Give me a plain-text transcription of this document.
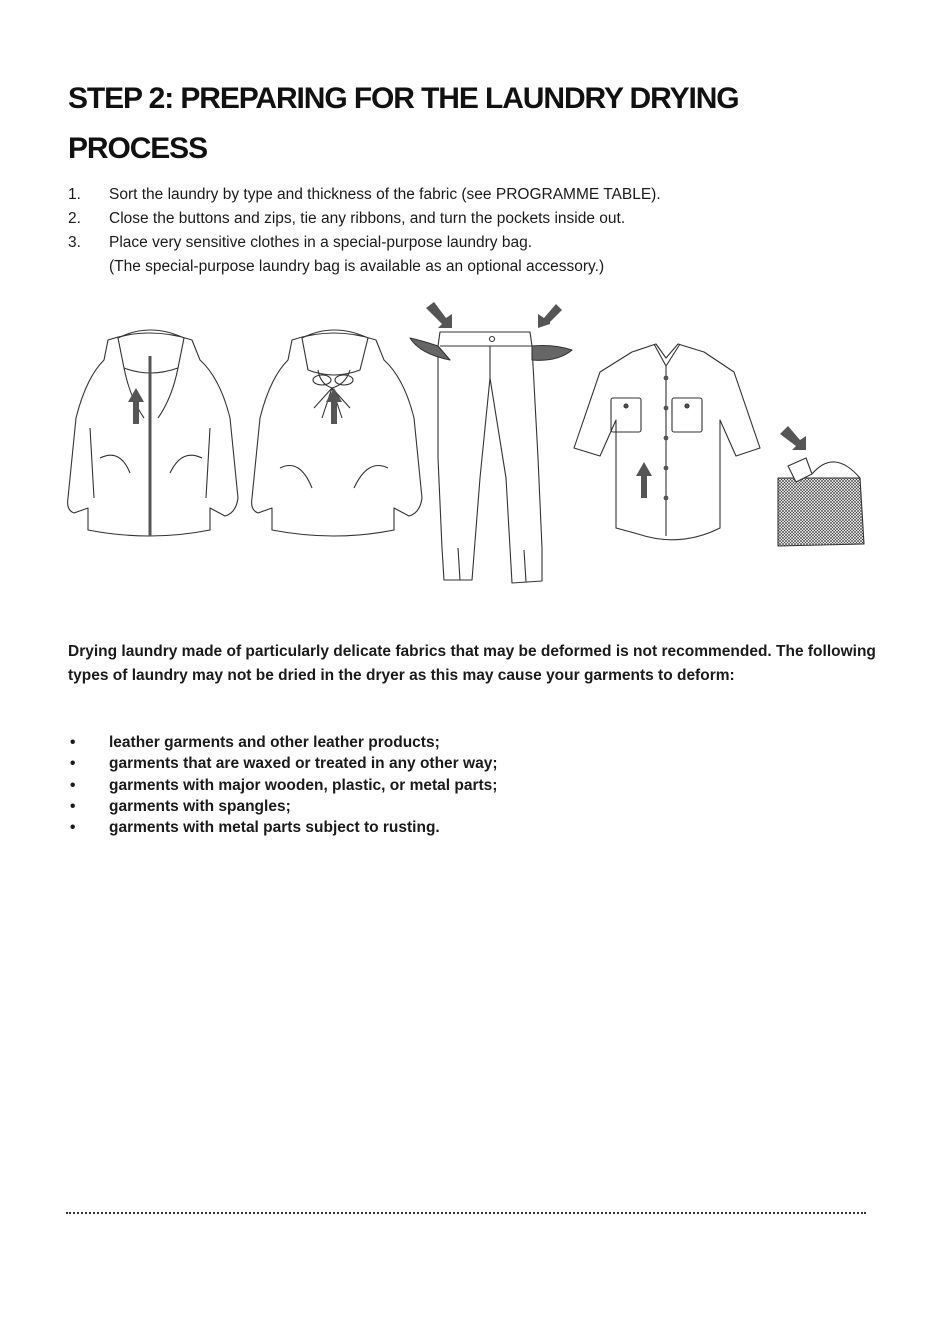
STEP 2: PREPARING FOR THE LAUNDRY DRYING PROCESS
1. Sort the laundry by type and thickness of the fabric (see PROGRAMME TABLE).
2. Close the buttons and zips, tie any ribbons, and turn the pockets inside out.
3. Place very sensitive clothes in a special-purpose laundry bag.
(The special-purpose laundry bag is available as an optional accessory.)

Drying laundry made of particularly delicate fabrics that may be deformed is not recommended. The following types of laundry may not be dried in the dryer as this may cause your garments to deform:

• leather garments and other leather products;
• garments that are waxed or treated in any other way;
• garments with major wooden, plastic, or metal parts;
• garments with spangles;
• garments with metal parts subject to rusting.
